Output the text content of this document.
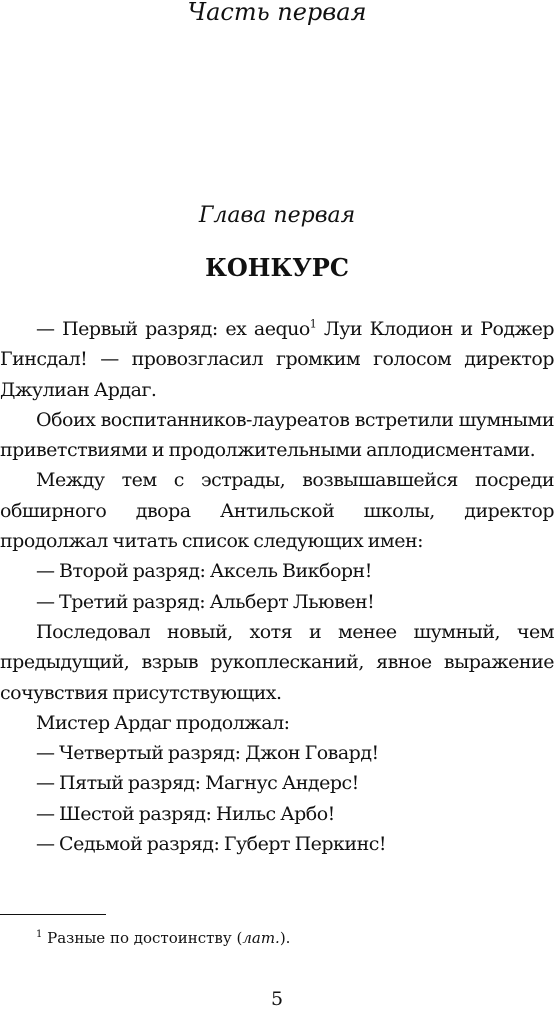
Часть первая
Глава первая
КОНКУРС

— Первый разряд: ex aequo$^1$ Луи Клодион и Роджер Гинсдал! — провозгласил громким голосом директор Джулиан Ардаг.

Обоих воспитанников-лауреатов встретили шумными приветствиями и продолжительными аплодисментами.

Между тем с эстрады, возвышавшейся посреди обширного двора Антильской школы, директор продолжал читать список следующих имен:

— Второй разряд: Аксель Викборн!

— Третий разряд: Альберт Льювен!

Последовал новый, хотя и менее шумный, чем предыдущий, взрыв рукоплесканий, явное выражение сочувствия присутствующих.

Мистер Ардаг продолжал:

— Четвертый разряд: Джон Говард!

— Пятый разряд: Магнус Андерс!

— Шестой разряд: Нильс Арбо!

— Седьмой разряд: Губерт Перкинс!

$^1$ Разные по достоинству (лат.).

5
